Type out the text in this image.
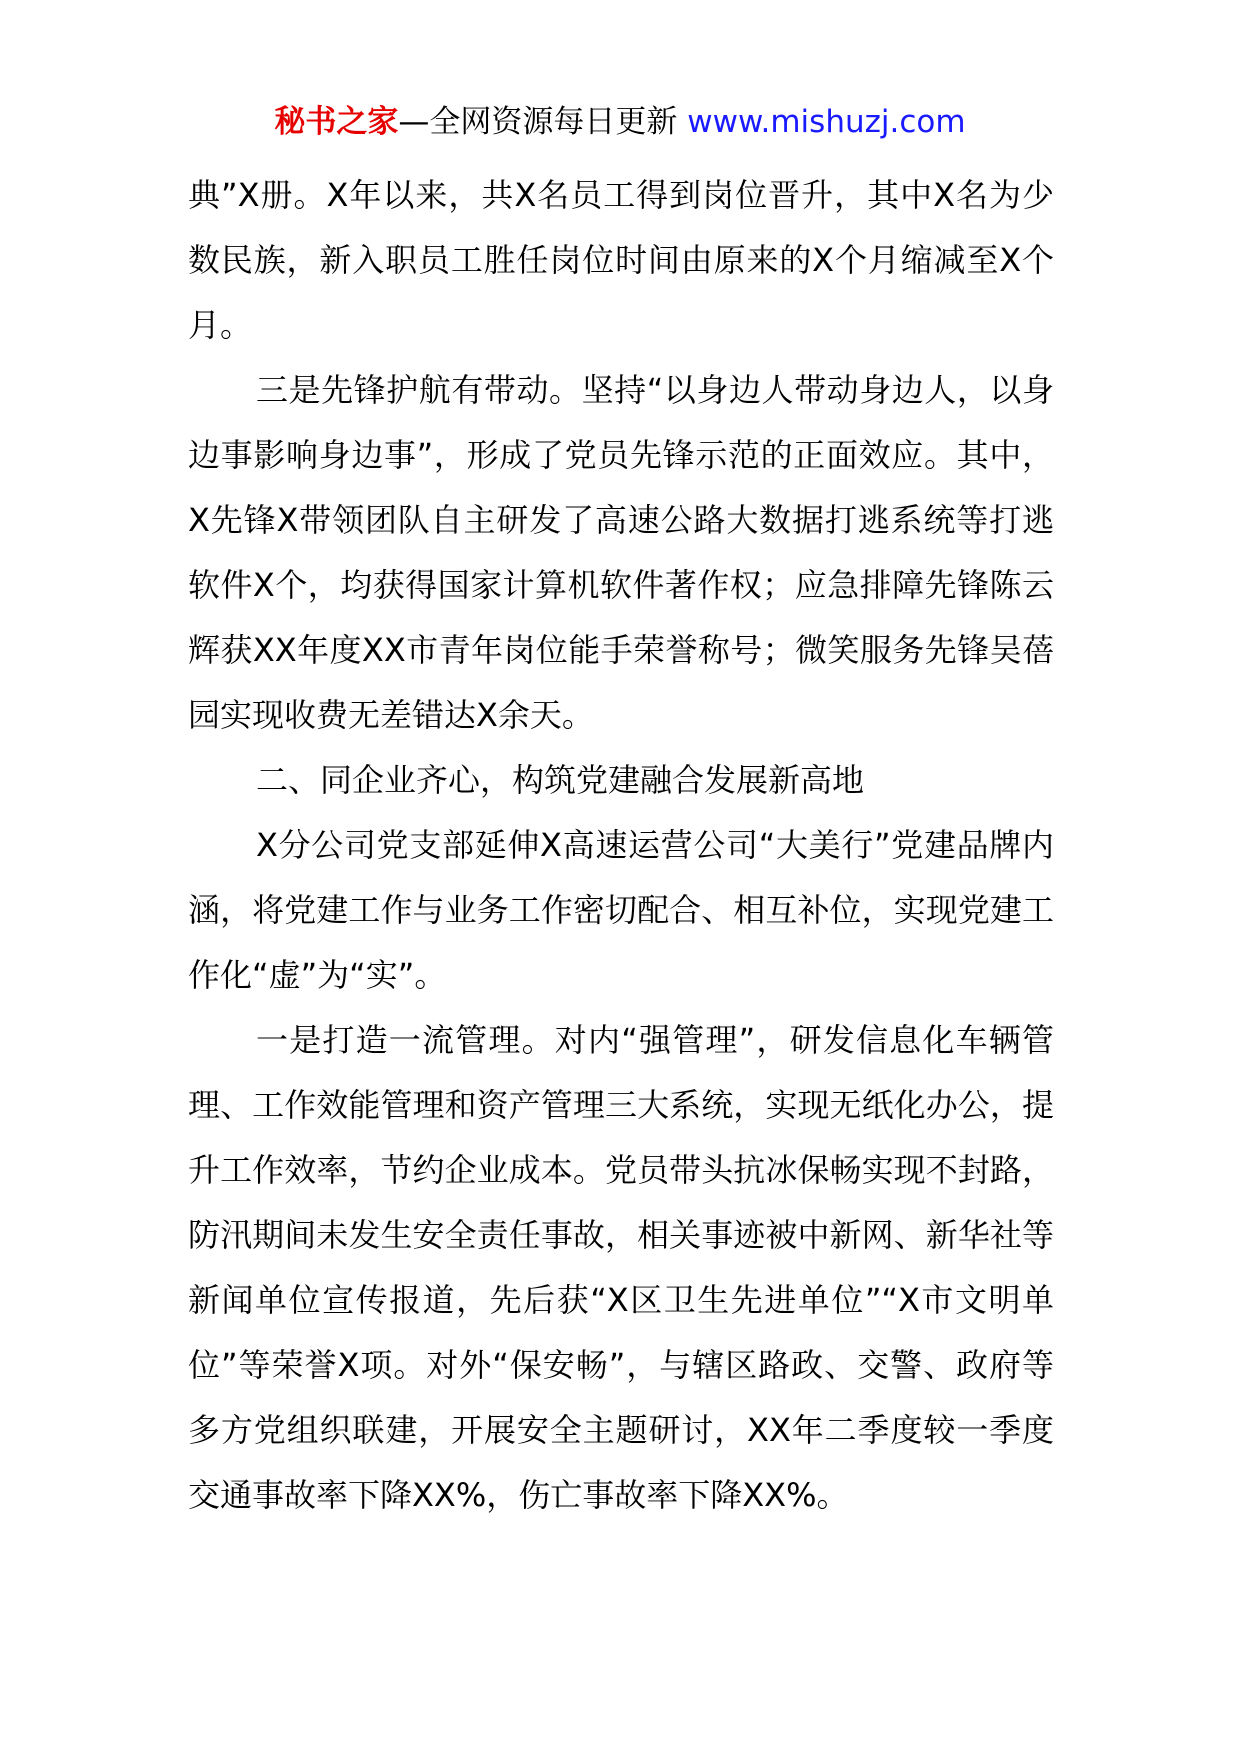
秘书之家—全网资源每日更新 www.mishuzj.com

典”X册。X年以来，共X名员工得到岗位晋升，其中X名为少数民族，新入职员工胜任岗位时间由原来的X个月缩减至X个月。

三是先锋护航有带动。坚持“以身边人带动身边人，以身边事影响身边事”，形成了党员先锋示范的正面效应。其中，X先锋X带领团队自主研发了高速公路大数据打逃系统等打逃软件X个，均获得国家计算机软件著作权；应急排障先锋陈云辉获XX年度XX市青年岗位能手荣誉称号；微笑服务先锋吴蓓园实现收费无差错达X余天。

二、同企业齐心，构筑党建融合发展新高地

X分公司党支部延伸X高速运营公司“大美行”党建品牌内涵，将党建工作与业务工作密切配合、相互补位，实现党建工作化“虚”为“实”。

一是打造一流管理。对内“强管理”，研发信息化车辆管理、工作效能管理和资产管理三大系统，实现无纸化办公，提升工作效率，节约企业成本。党员带头抗冰保畅实现不封路，防汛期间未发生安全责任事故，相关事迹被中新网、新华社等新闻单位宣传报道，先后获“X区卫生先进单位”“X市文明单位”等荣誉X项。对外“保安畅”，与辖区路政、交警、政府等多方党组织联建，开展安全主题研讨，XX年二季度较一季度交通事故率下降XX%，伤亡事故率下降XX%。
